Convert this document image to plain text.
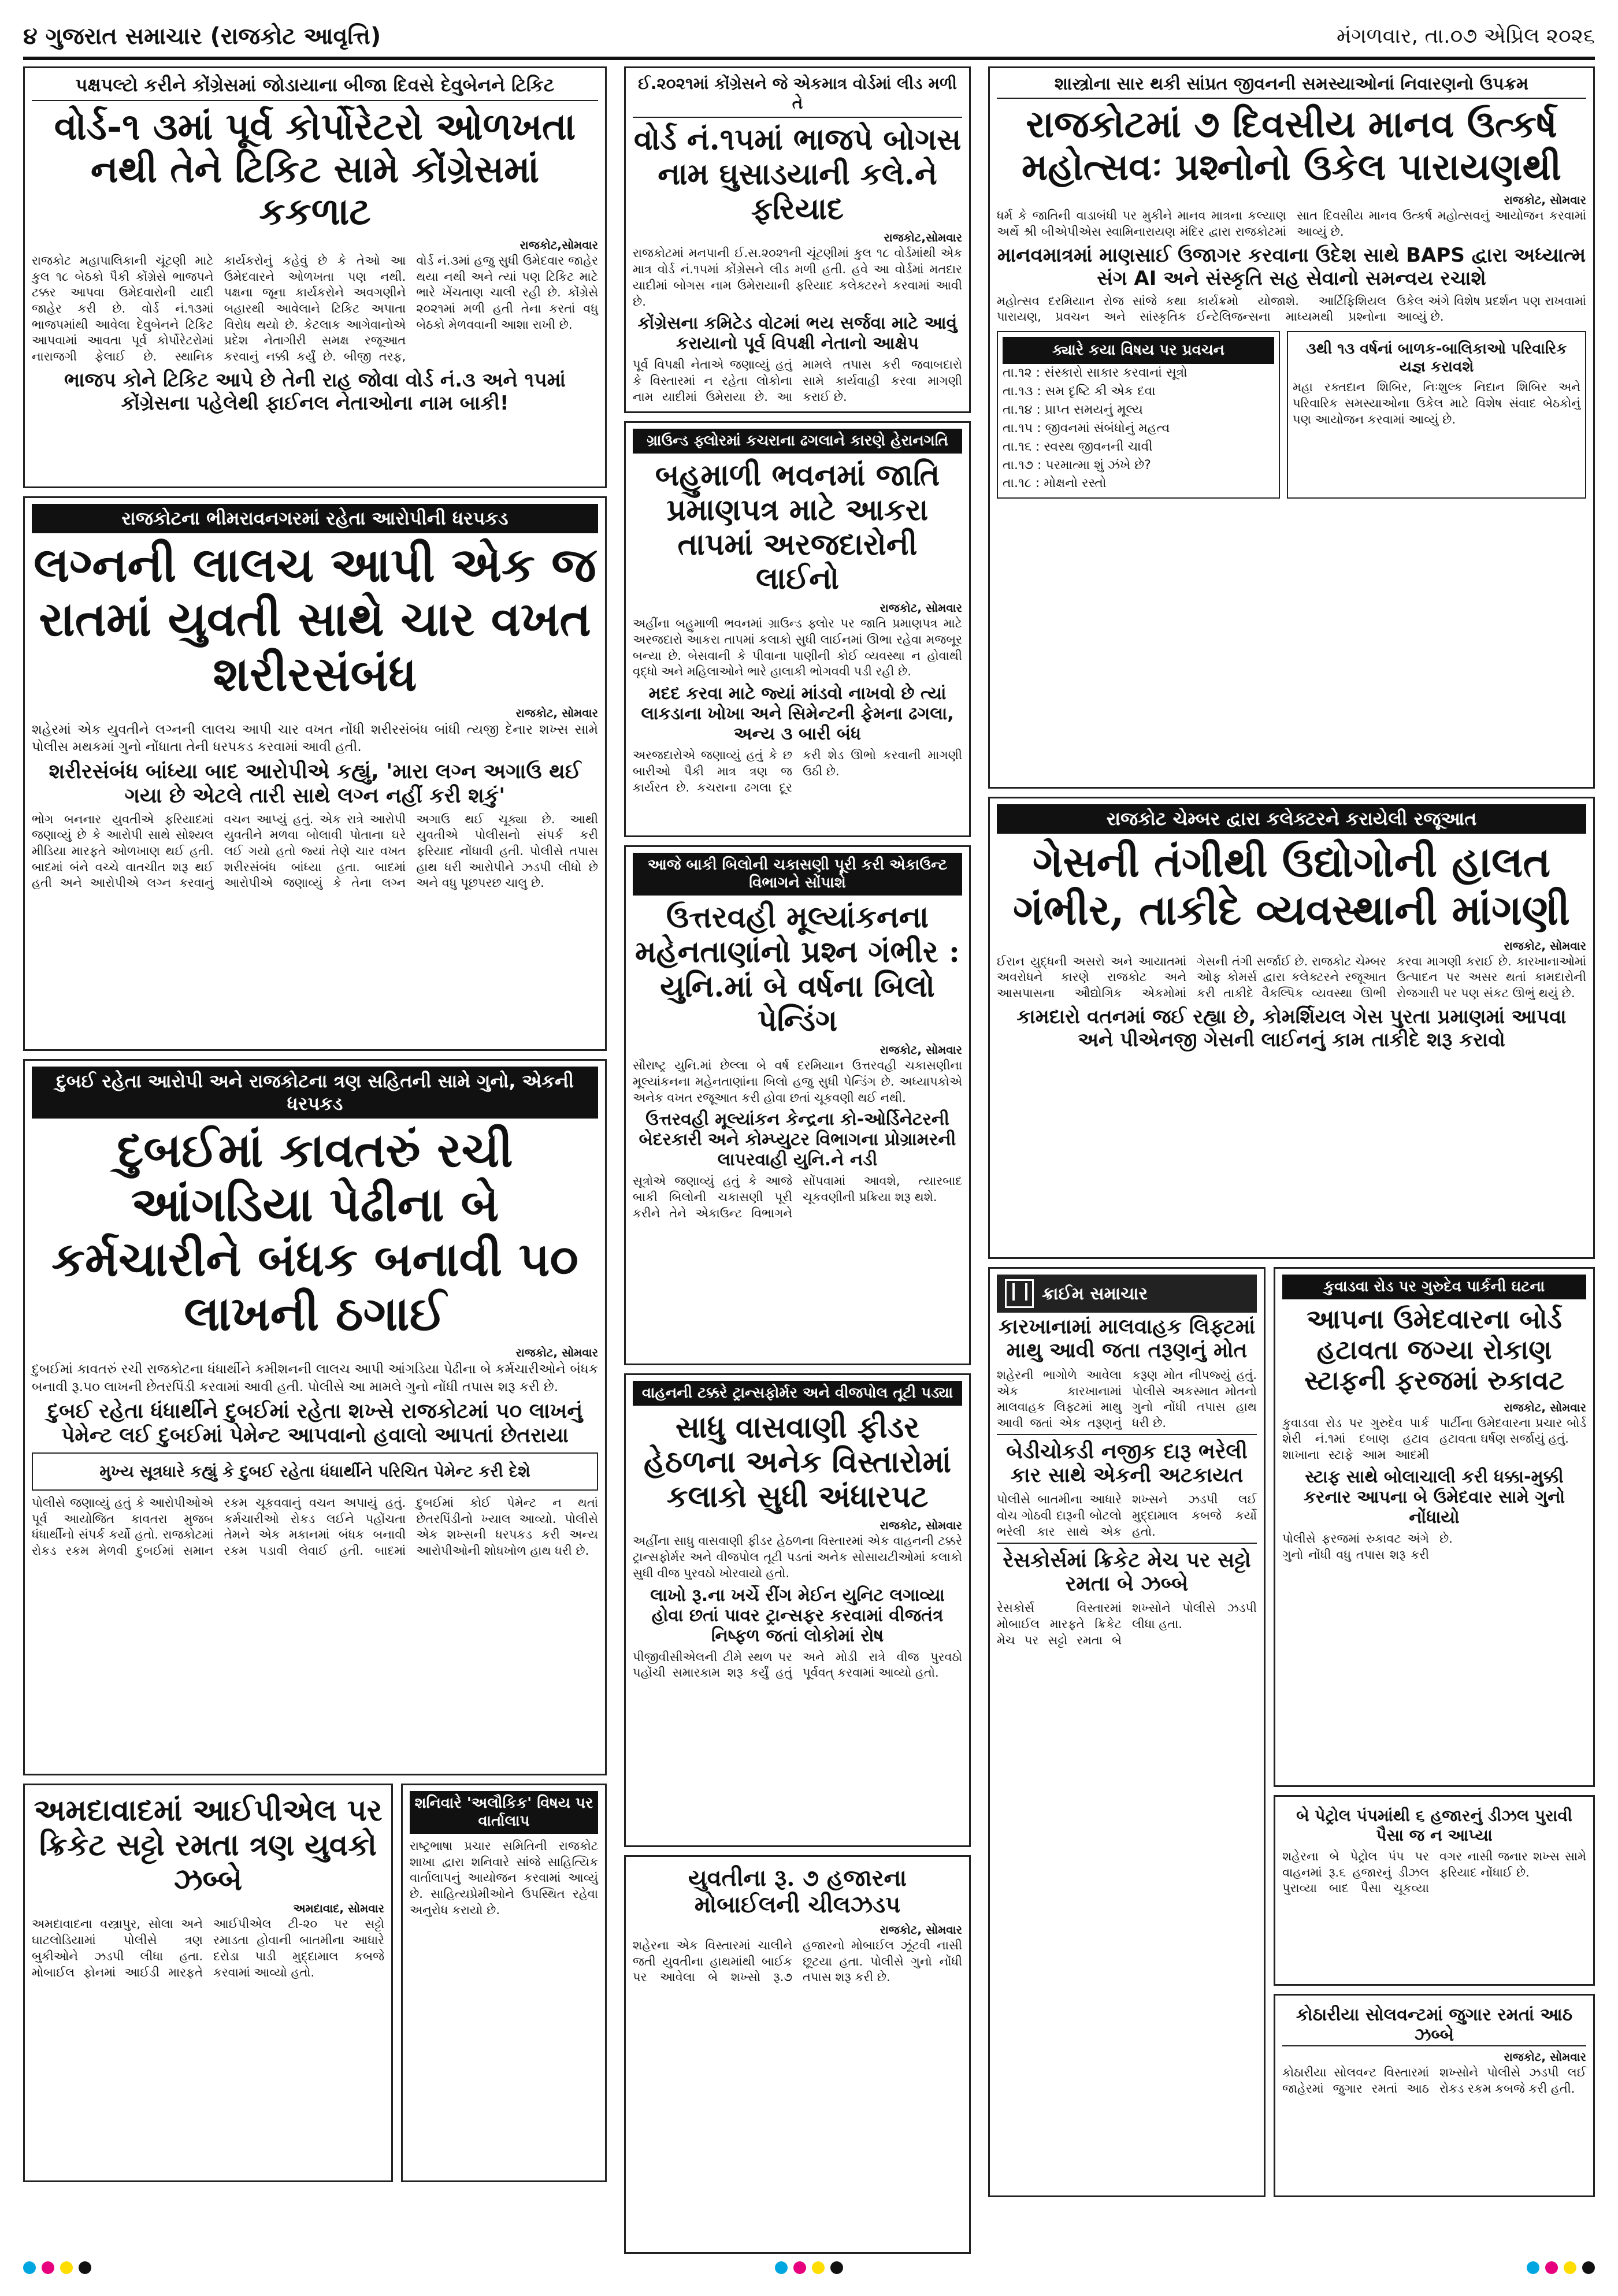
૪ ગુજરાત સમાચાર (રાજકોટ આવૃત્તિ)	મંગળવાર, તા.૦૭ એપ્રિલ ૨૦૨૬
પક્ષપલ્ટો કરીને કોંગ્રેસમાં જોડાયાના બીજા દિવસે દેવુબેનને ટિકિટ
વોર્ડ-૧ ૩માં પૂર્વ કોર્પોરેટરો ઓળખતા નથી તેને ટિકિટ સામે કોંગ્રેસમાં કકળાટ
રાજકોટ,સોમવાર
રાજકોટ મહાપાલિકાની ચૂંટણી માટે કુલ ૧૮ બેઠકો પૈકી કોંગ્રેસે ભાજપને ટક્કર આપવા ઉમેદવારોની યાદી જાહેર કરી છે. વોર્ડ નં.૧૩માં ભાજપમાંથી આવેલા દેવુબેનને ટિકિટ આપવામાં આવતા પૂર્વ કોર્પોરેટરોમાં નારાજગી ફેલાઈ છે. સ્થાનિક કાર્યકરોનું કહેવું છે કે તેઓ આ ઉમેદવારને ઓળખતા પણ નથી. પક્ષના જૂના કાર્યકરોને અવગણીને બહારથી આવેલાને ટિકિટ અપાતા વિરોધ થયો છે. કેટલાક આગેવાનોએ પ્રદેશ નેતાગીરી સમક્ષ રજૂઆત કરવાનું નક્કી કર્યું છે. બીજી તરફ, વોર્ડ નં.૩માં હજુ સુધી ઉમેદવાર જાહેર થયા નથી અને ત્યાં પણ ટિકિટ માટે ભારે ખેંચતાણ ચાલી રહી છે. કોંગ્રેસે ૨૦૨૧માં મળી હતી તેના કરતાં વધુ બેઠકો મેળવવાની આશા રાખી છે.
ભાજપ કોને ટિકિટ આપે છે તેની રાહ જોવા વોર્ડ નં.૩ અને ૧૫માં કોંગ્રેસના પહેલેથી ફાઈનલ નેતાઓના નામ બાકી!
રાજકોટના ભીમરાવનગરમાં રહેતા આરોપીની ધરપકડ
લગ્નની લાલચ આપી એક જ રાતમાં યુવતી સાથે ચાર વખત શરીરસંબંધ
રાજકોટ, સોમવાર
શહેરમાં એક યુવતીને લગ્નની લાલચ આપી ચાર વખત નોંધી શરીરસંબંધ બાંધી ત્યજી દેનાર શખ્સ સામે પોલીસ મથકમાં ગુનો નોંધાતા તેની ધરપકડ કરવામાં આવી હતી.
શરીરસંબંધ બાંધ્યા બાદ આરોપીએ કહ્યું, 'મારા લગ્ન અગાઉ થઈ ગયા છે એટલે તારી સાથે લગ્ન નહીં કરી શકું'
ભોગ બનનાર યુવતીએ ફરિયાદમાં જણાવ્યું છે કે આરોપી સાથે સોશ્યલ મીડિયા મારફતે ઓળખાણ થઈ હતી. બાદમાં બંને વચ્ચે વાતચીત શરૂ થઈ હતી અને આરોપીએ લગ્ન કરવાનું વચન આપ્યું હતું. એક રાત્રે આરોપી યુવતીને મળવા બોલાવી પોતાના ઘરે લઈ ગયો હતો જ્યાં તેણે ચાર વખત શરીરસંબંધ બાંધ્યા હતા. બાદમાં આરોપીએ જણાવ્યું કે તેના લગ્ન અગાઉ થઈ ચૂક્યા છે. આથી યુવતીએ પોલીસનો સંપર્ક કરી ફરિયાદ નોંધાવી હતી. પોલીસે તપાસ હાથ ધરી આરોપીને ઝડપી લીધો છે અને વધુ પૂછપરછ ચાલુ છે.
દુબઈ રહેતા આરોપી અને રાજકોટના ત્રણ સહિતની સામે ગુનો, એકની ધરપકડ
દુબઈમાં કાવતરું રચી આંગડિયા પેઢીના બે કર્મચારીને બંધક બનાવી ૫૦ લાખની ઠગાઈ
રાજકોટ, સોમવાર
દુબઈમાં કાવતરું રચી રાજકોટના ધંધાર્થીને કમીશનની લાલચ આપી આંગડિયા પેઢીના બે કર્મચારીઓને બંધક બનાવી રૂ.૫૦ લાખની છેતરપિંડી કરવામાં આવી હતી. પોલીસે આ મામલે ગુનો નોંધી તપાસ શરૂ કરી છે.
દુબઈ રહેતા ધંધાર્થીને દુબઈમાં રહેતા શખ્સે રાજકોટમાં ૫૦ લાખનું પેમેન્ટ લઈ દુબઈમાં પેમેન્ટ આપવાનો હવાલો આપતાં છેતરાયા
મુખ્ય સૂત્રધારે કહ્યું કે દુબઈ રહેતા ધંધાર્થીને પરિચિત પેમેન્ટ કરી દેશે
પોલીસે જણાવ્યું હતું કે આરોપીઓએ પૂર્વ આયોજિત કાવતરા મુજબ ધંધાર્થીનો સંપર્ક કર્યો હતો. રાજકોટમાં રોકડ રકમ મેળવી દુબઈમાં સમાન રકમ ચૂકવવાનું વચન અપાયું હતું. કર્મચારીઓ રોકડ લઈને પહોંચતા તેમને એક મકાનમાં બંધક બનાવી રકમ પડાવી લેવાઈ હતી. બાદમાં દુબઈમાં કોઈ પેમેન્ટ ન થતાં છેતરપિંડીનો ખ્યાલ આવ્યો. પોલીસે એક શખ્સની ધરપકડ કરી અન્ય આરોપીઓની શોધખોળ હાથ ધરી છે.
અમદાવાદમાં આઈપીએલ પર ક્રિકેટ સટ્ટો રમતા ત્રણ યુવકો ઝબ્બે
અમદાવાદ, સોમવાર
અમદાવાદના વસ્ત્રાપુર, સોલા અને ઘાટલોડિયામાં પોલીસે ત્રણ બુકીઓને ઝડપી લીધા હતા. મોબાઈલ ફોનમાં આઈડી મારફતે આઈપીએલ ટી-૨૦ પર સટ્ટો રમાડતા હોવાની બાતમીના આધારે દરોડા પાડી મુદ્દામાલ કબજે કરવામાં આવ્યો હતો.
શનિવારે 'અલૌકિક' વિષય પર વાર્તાલાપ
રાષ્ટ્રભાષા પ્રચાર સમિતિની રાજકોટ શાખા દ્વારા શનિવારે સાંજે સાહિત્યિક વાર્તાલાપનું આયોજન કરવામાં આવ્યું છે. સાહિત્યપ્રેમીઓને ઉપસ્થિત રહેવા અનુરોધ કરાયો છે.
ઈ.૨૦૨૧માં કોંગ્રેસને જે એકમાત્ર વોર્ડમાં લીડ મળી તે
વોર્ડ નં.૧૫માં ભાજપે બોગસ નામ ઘુસાડયાની કલે.ને ફરિયાદ
રાજકોટ,સોમવાર
રાજકોટમાં મનપાની ઈ.સ.૨૦૨૧ની ચૂંટણીમાં કુલ ૧૮ વોર્ડમાંથી એક માત્ર વોર્ડ નં.૧૫માં કોંગ્રેસને લીડ મળી હતી. હવે આ વોર્ડમાં મતદાર યાદીમાં બોગસ નામ ઉમેરાયાની ફરિયાદ કલેક્ટરને કરવામાં આવી છે.
કોંગ્રેસના કમિટેડ વોટમાં ભય સર્જવા માટે આવું કરાયાનો પૂર્વ વિપક્ષી નેતાનો આક્ષેપ
પૂર્વ વિપક્ષી નેતાએ જણાવ્યું હતું કે વિસ્તારમાં ન રહેતા લોકોના નામ યાદીમાં ઉમેરાયા છે. આ મામલે તપાસ કરી જવાબદારો સામે કાર્યવાહી કરવા માગણી કરાઈ છે.
ગ્રાઉન્ડ ફ્લોરમાં કચરાના ઢગલાને કારણે હેરાનગતિ
બહુમાળી ભવનમાં જાતિ પ્રમાણપત્ર માટે આકરા તાપમાં અરજદારોની લાઈનો
રાજકોટ, સોમવાર
અહીંના બહુમાળી ભવનમાં ગ્રાઉન્ડ ફ્લોર પર જાતિ પ્રમાણપત્ર માટે અરજદારો આકરા તાપમાં કલાકો સુધી લાઈનમાં ઊભા રહેવા મજબૂર બન્યા છે. બેસવાની કે પીવાના પાણીની કોઈ વ્યવસ્થા ન હોવાથી વૃદ્ધો અને મહિલાઓને ભારે હાલાકી ભોગવવી પડી રહી છે.
મદદ કરવા માટે જ્યાં માંડવો નાખવો છે ત્યાં લાકડાના ખોખા અને સિમેન્ટની ફેમના ઢગલા, અન્ય ૩ બારી બંધ
અરજદારોએ જણાવ્યું હતું કે છ બારીઓ પૈકી માત્ર ત્રણ જ કાર્યરત છે. કચરાના ઢગલા દૂર કરી શેડ ઊભો કરવાની માગણી ઉઠી છે.
આજે બાકી બિલોની ચકાસણી પૂરી કરી એકાઉન્ટ વિભાગને સોંપાશે
ઉત્તરવહી મૂલ્યાંકનના મહેનતાણાંનો પ્રશ્ન ગંભીર : યુનિ.માં બે વર્ષના બિલો પેન્ડિંગ
રાજકોટ, સોમવાર
સૌરાષ્ટ્ર યુનિ.માં છેલ્લા બે વર્ષ દરમિયાન ઉત્તરવહી ચકાસણીના મૂલ્યાંકનના મહેનતાણાંના બિલો હજુ સુધી પેન્ડિંગ છે. અધ્યાપકોએ અનેક વખત રજૂઆત કરી હોવા છતાં ચૂકવણી થઈ નથી.
ઉત્તરવહી મૂલ્યાંકન કેન્દ્રના કો-ઓર્ડિનેટરની બેદરકારી અને કોમ્પ્યુટર વિભાગના પ્રોગ્રામરની લાપરવાહી યુનિ.ને નડી
સૂત્રોએ જણાવ્યું હતું કે આજે બાકી બિલોની ચકાસણી પૂરી કરીને તેને એકાઉન્ટ વિભાગને સોંપવામાં આવશે, ત્યારબાદ ચૂકવણીની પ્રક્રિયા શરૂ થશે.
વાહનની ટક્કરે ટ્રાન્સફોર્મર અને વીજપોલ તૂટી પડ્યા
સાધુ વાસવાણી ફીડર હેઠળના અનેક વિસ્તારોમાં કલાકો સુધી અંધારપટ
રાજકોટ, સોમવાર
અહીંના સાધુ વાસવાણી ફીડર હેઠળના વિસ્તારમાં એક વાહનની ટક્કરે ટ્રાન્સફોર્મર અને વીજપોલ તૂટી પડતાં અનેક સોસાયટીઓમાં કલાકો સુધી વીજ પુરવઠો ખોરવાયો હતો.
લાખો રૂ.ના ખર્ચે રીંગ મેઈન યુનિટ લગાવ્યા હોવા છતાં પાવર ટ્રાન્સફર કરવામાં વીજતંત્ર નિષ્ફળ જતાં લોકોમાં રોષ
પીજીવીસીએલની ટીમે સ્થળ પર પહોંચી સમારકામ શરૂ કર્યું હતું અને મોડી રાત્રે વીજ પુરવઠો પૂર્વવત્ કરવામાં આવ્યો હતો.
યુવતીના રૂ. ૭ હજારના મોબાઈલની ચીલઝડપ
રાજકોટ, સોમવાર
શહેરના એક વિસ્તારમાં ચાલીને જતી યુવતીના હાથમાંથી બાઈક પર આવેલા બે શખ્સો રૂ.૭ હજારનો મોબાઈલ ઝૂંટવી નાસી છૂટયા હતા. પોલીસે ગુનો નોંધી તપાસ શરૂ કરી છે.
શાસ્ત્રોના સાર થકી સાંપ્રત જીવનની સમસ્યાઓનાં નિવારણનો ઉપક્રમ
રાજકોટમાં ૭ દિવસીય માનવ ઉત્કર્ષ મહોત્સવઃ પ્રશ્નોનો ઉકેલ પારાયણથી
રાજકોટ, સોમવાર
ધર્મ કે જાતિની વાડાબંધી પર મુકીને માનવ માત્રના કલ્યાણ અર્થે શ્રી બીએપીએસ સ્વામિનારાયણ મંદિર દ્વારા રાજકોટમાં સાત દિવસીય માનવ ઉત્કર્ષ મહોત્સવનું આયોજન કરવામાં આવ્યું છે.
માનવમાત્રમાં માણસાઈ ઉજાગર કરવાના ઉદેશ સાથે BAPS દ્વારા અધ્યાત્મ સંગ AI અને સંસ્કૃતિ સહ સેવાનો સમન્વય રચાશે
મહોત્સવ દરમિયાન રોજ સાંજે કથા પારાયણ, પ્રવચન અને સાંસ્કૃતિક કાર્યક્રમો યોજાશે. આર્ટિફિશિયલ ઈન્ટેલિજન્સના માધ્યમથી પ્રશ્નોના ઉકેલ અંગે વિશેષ પ્રદર્શન પણ રાખવામાં આવ્યું છે.
ક્યારે કયા વિષય પર પ્રવચન
તા.૧૨ : સંસ્કારો સાકાર કરવાનાં સૂત્રો
તા.૧૩ : સમ દૃષ્ટિ કી એક દવા
તા.૧૪ : પ્રાપ્ત સમયનું મૂલ્ય
તા.૧૫ : જીવનમાં સંબંધોનું મહત્વ
તા.૧૬ : સ્વસ્થ જીવનની ચાવી
તા.૧૭ : પરમાત્મા શું ઝંખે છે?
તા.૧૮ : મોક્ષનો રસ્તો
૩થી ૧૩ વર્ષનાં બાળક-બાલિકાઓ પરિવારિક યજ્ઞ કરાવશે
મહા રક્તદાન શિબિર, નિઃશુલ્ક નિદાન શિબિર અને પરિવારિક સમસ્યાઓના ઉકેલ માટે વિશેષ સંવાદ બેઠકોનું પણ આયોજન કરવામાં આવ્યું છે.
રાજકોટ ચેમ્બર દ્વારા કલેક્ટરને કરાયેલી રજૂઆત
ગેસની તંગીથી ઉદ્યોગોની હાલત ગંભીર, તાકીદે વ્યવસ્થાની માંગણી
રાજકોટ, સોમવાર
ઈરાન યુદ્ધની અસરો અને આયાતમાં અવરોધને કારણે રાજકોટ અને આસપાસના ઔદ્યોગિક એકમોમાં ગેસની તંગી સર્જાઈ છે. રાજકોટ ચેમ્બર ઓફ કોમર્સ દ્વારા કલેક્ટરને રજૂઆત કરી તાકીદે વૈકલ્પિક વ્યવસ્થા ઊભી કરવા માગણી કરાઈ છે. કારખાનાઓમાં ઉત્પાદન પર અસર થતાં કામદારોની રોજગારી પર પણ સંકટ ઊભું થયું છે.
કામદારો વતનમાં જઈ રહ્યા છે, કોમર્શિયલ ગેસ પુરતા પ્રમાણમાં આપવા અને પીએનજી ગેસની લાઈનનું કામ તાકીદે શરૂ કરાવો
ક્રાઈમ સમાચાર
કારખાનામાં માલવાહક લિફ્ટમાં માથુ આવી જતા તરૂણનું મોત
શહેરની ભાગોળે આવેલા એક કારખાનામાં માલવાહક લિફ્ટમાં માથુ આવી જતાં એક તરૂણનું કરૂણ મોત નીપજ્યું હતું. પોલીસે અકસ્માત મોતનો ગુનો નોંધી તપાસ હાથ ધરી છે.
બેડીચોકડી નજીક દારૂ ભરેલી કાર સાથે એકની અટકાયત
પોલીસે બાતમીના આધારે વોચ ગોઠવી દારૂની બોટલો ભરેલી કાર સાથે એક શખ્સને ઝડપી લઈ મુદ્દામાલ કબજે કર્યો હતો.
રેસકોર્સમાં ક્રિકેટ મેચ પર સટ્ટો રમતા બે ઝબ્બે
રેસકોર્સ વિસ્તારમાં મોબાઈલ મારફતે ક્રિકેટ મેચ પર સટ્ટો રમતા બે શખ્સોને પોલીસે ઝડપી લીધા હતા.
કુવાડવા રોડ પર ગુરુદેવ પાર્કની ઘટના
આપના ઉમેદવારના બોર્ડ હટાવતા જગ્યા રોકાણ સ્ટાફની ફરજમાં રુકાવટ
રાજકોટ, સોમવાર
કુવાડવા રોડ પર ગુરુદેવ પાર્ક શેરી નં.૧માં દબાણ હટાવ શાખાના સ્ટાફે આમ આદમી પાર્ટીના ઉમેદવારના પ્રચાર બોર્ડ હટાવતા ઘર્ષણ સર્જાયું હતું.
સ્ટાફ સાથે બોલાચાલી કરી ધક્કા-મુક્કી કરનાર આપના બે ઉમેદવાર સામે ગુનો નોંધાયો
પોલીસે ફરજમાં રુકાવટ અંગે ગુનો નોંધી વધુ તપાસ શરૂ કરી છે.
બે પેટ્રોલ પંપમાંથી ૬ હજારનું ડીઝલ પુરાવી પૈસા જ ન આપ્યા
શહેરના બે પેટ્રોલ પંપ પર વાહનમાં રૂ.૬ હજારનું ડીઝલ પુરાવ્યા બાદ પૈસા ચૂકવ્યા વગર નાસી જનાર શખ્સ સામે ફરિયાદ નોંધાઈ છે.
કોઠારીયા સોલવન્ટમાં જુગાર રમતાં આઠ ઝબ્બે
રાજકોટ, સોમવાર
કોઠારીયા સોલવન્ટ વિસ્તારમાં જાહેરમાં જુગાર રમતાં આઠ શખ્સોને પોલીસે ઝડપી લઈ રોકડ રકમ કબજે કરી હતી.
